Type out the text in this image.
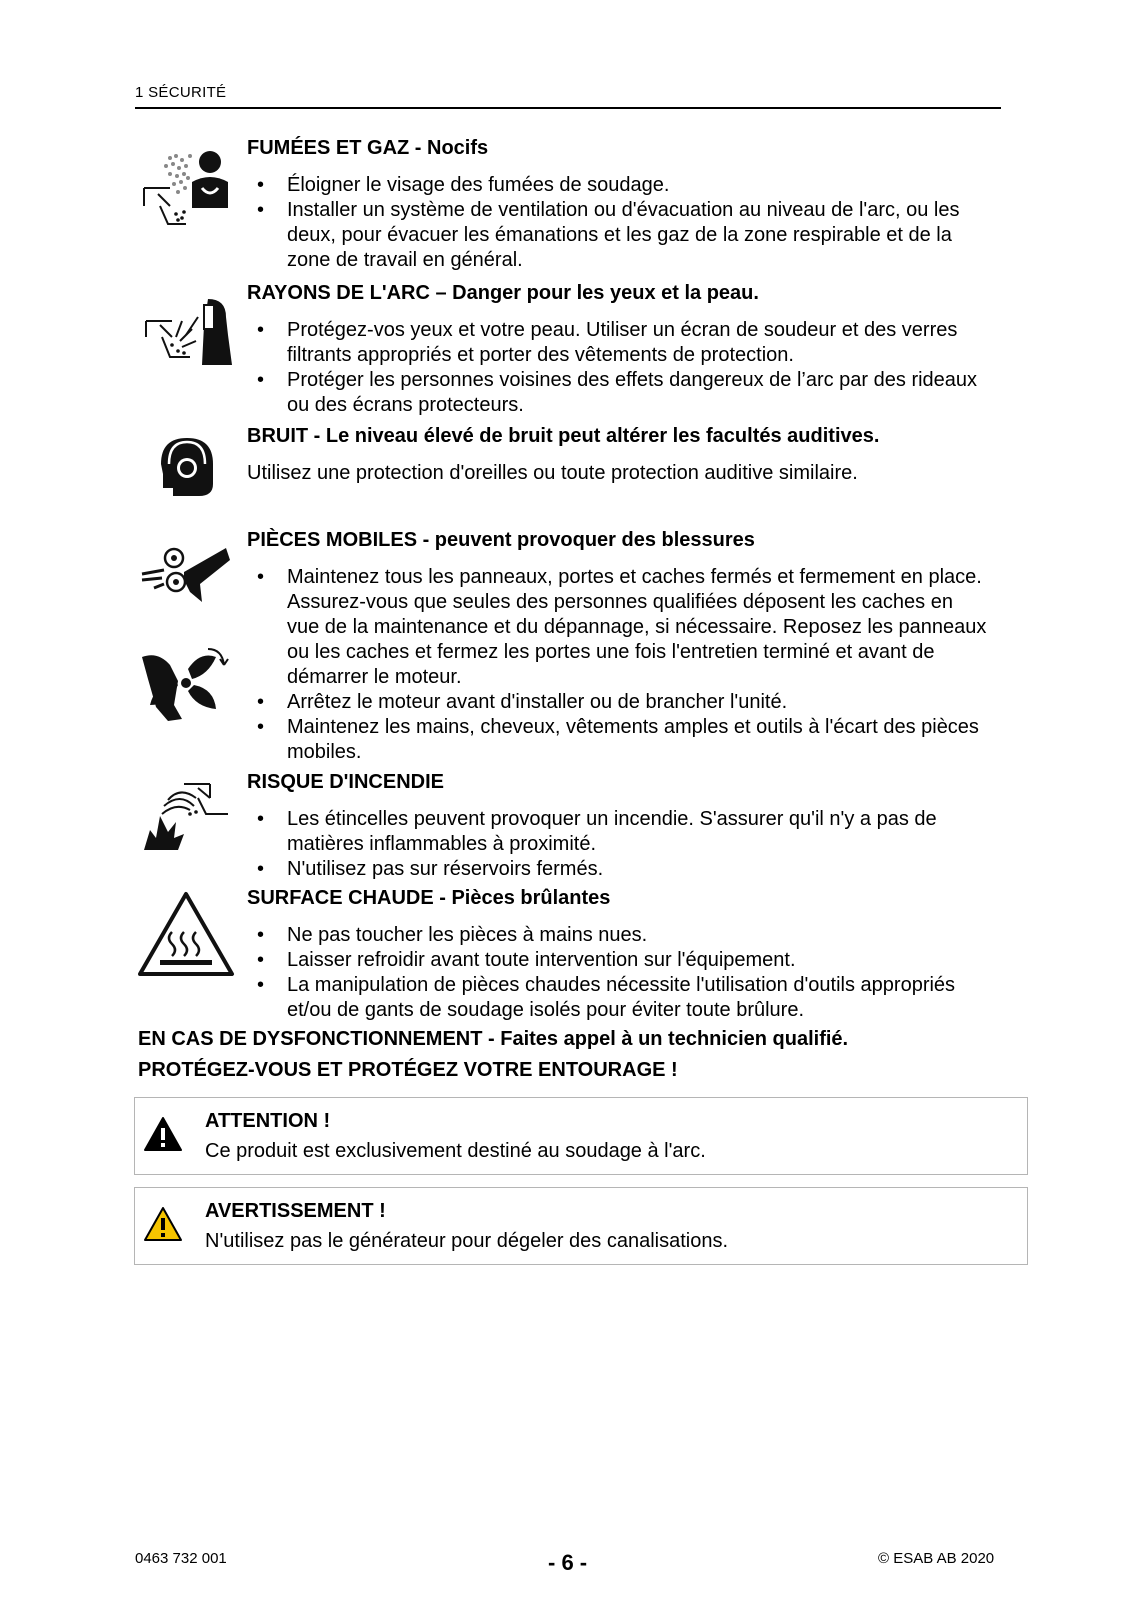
1 SÉCURITÉ
FUMÉES ET GAZ - Nocifs
• Éloigner le visage des fumées de soudage.
• Installer un système de ventilation ou d'évacuation au niveau de l'arc, ou les deux, pour évacuer les émanations et les gaz de la zone respirable et de la zone de travail en général.
RAYONS DE L'ARC – Danger pour les yeux et la peau.
• Protégez-vos yeux et votre peau. Utiliser un écran de soudeur et des verres filtrants appropriés et porter des vêtements de protection.
• Protéger les personnes voisines des effets dangereux de l’arc par des rideaux ou des écrans protecteurs.
BRUIT - Le niveau élevé de bruit peut altérer les facultés auditives.
Utilisez une protection d'oreilles ou toute protection auditive similaire.
PIÈCES MOBILES - peuvent provoquer des blessures
• Maintenez tous les panneaux, portes et caches fermés et fermement en place. Assurez-vous que seules des personnes qualifiées déposent les caches en vue de la maintenance et du dépannage, si nécessaire. Reposez les panneaux ou les caches et fermez les portes une fois l'entretien terminé et avant de démarrer le moteur.
• Arrêtez le moteur avant d'installer ou de brancher l'unité.
• Maintenez les mains, cheveux, vêtements amples et outils à l'écart des pièces mobiles.
RISQUE D'INCENDIE
• Les étincelles peuvent provoquer un incendie. S'assurer qu'il n'y a pas de matières inflammables à proximité.
• N'utilisez pas sur réservoirs fermés.
SURFACE CHAUDE - Pièces brûlantes
• Ne pas toucher les pièces à mains nues.
• Laisser refroidir avant toute intervention sur l'équipement.
• La manipulation de pièces chaudes nécessite l'utilisation d'outils appropriés et/ou de gants de soudage isolés pour éviter toute brûlure.
EN CAS DE DYSFONCTIONNEMENT - Faites appel à un technicien qualifié.
PROTÉGEZ-VOUS ET PROTÉGEZ VOTRE ENTOURAGE !
ATTENTION !
Ce produit est exclusivement destiné au soudage à l'arc.
AVERTISSEMENT !
N'utilisez pas le générateur pour dégeler des canalisations.
0463 732 001	- 6 -	© ESAB AB 2020
